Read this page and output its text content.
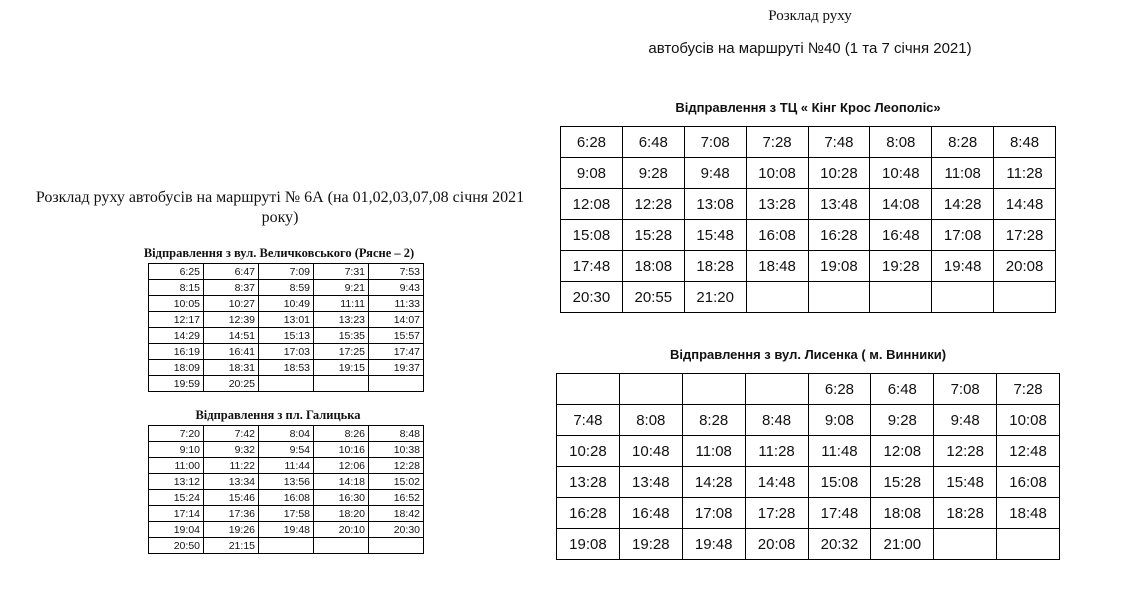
Розклад руху
автобусів на маршруті №40 (1 та 7 січня 2021)
Відправлення з ТЦ « Кінг Крос Леополіс»
6:28	6:48	7:08	7:28	7:48	8:08	8:28	8:48
9:08	9:28	9:48	10:08	10:28	10:48	11:08	11:28
12:08	12:28	13:08	13:28	13:48	14:08	14:28	14:48
15:08	15:28	15:48	16:08	16:28	16:48	17:08	17:28
17:48	18:08	18:28	18:48	19:08	19:28	19:48	20:08
20:30	20:55	21:20					
Відправлення з вул. Лисенка ( м. Винники)
				6:28	6:48	7:08	7:28
7:48	8:08	8:28	8:48	9:08	9:28	9:48	10:08
10:28	10:48	11:08	11:28	11:48	12:08	12:28	12:48
13:28	13:48	14:28	14:48	15:08	15:28	15:48	16:08
16:28	16:48	17:08	17:28	17:48	18:08	18:28	18:48
19:08	19:28	19:48	20:08	20:32	21:00		
Розклад руху автобусів на маршруті № 6А (на 01,02,03,07,08 січня 2021 року)
Відправлення з вул. Величковського (Рясне – 2)
6:25	6:47	7:09	7:31	7:53
8:15	8:37	8:59	9:21	9:43
10:05	10:27	10:49	11:11	11:33
12:17	12:39	13:01	13:23	14:07
14:29	14:51	15:13	15:35	15:57
16:19	16:41	17:03	17:25	17:47
18:09	18:31	18:53	19:15	19:37
19:59	20:25			
Відправлення з пл. Галицька
7:20	7:42	8:04	8:26	8:48
9:10	9:32	9:54	10:16	10:38
11:00	11:22	11:44	12:06	12:28
13:12	13:34	13:56	14:18	15:02
15:24	15:46	16:08	16:30	16:52
17:14	17:36	17:58	18:20	18:42
19:04	19:26	19:48	20:10	20:30
20:50	21:15			
